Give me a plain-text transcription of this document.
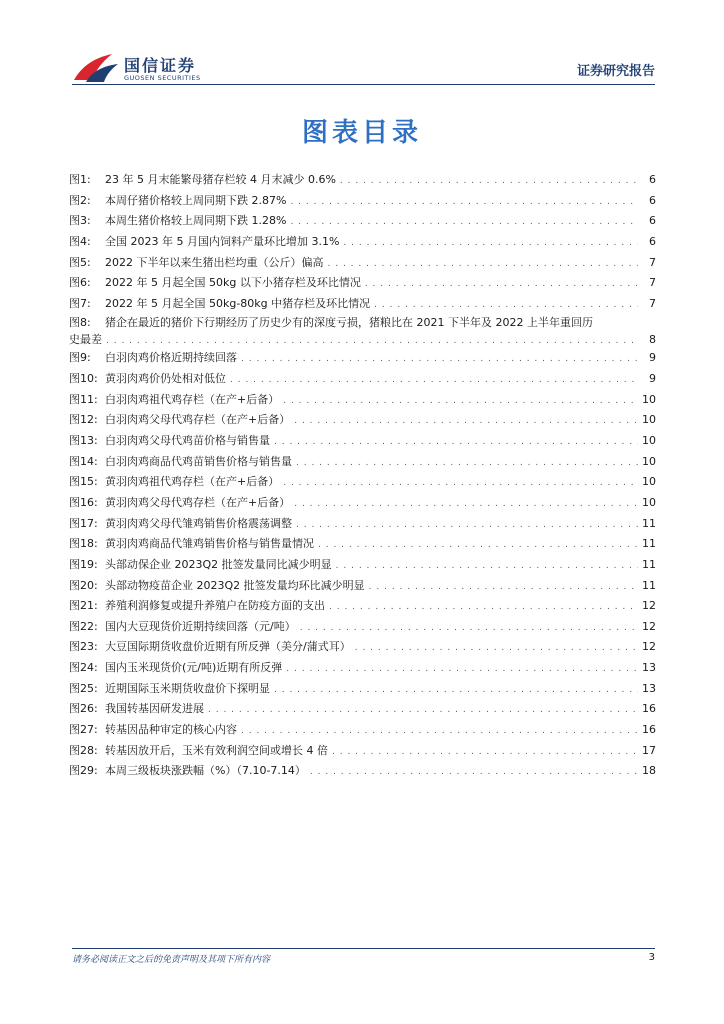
国信证券
GUOSEN SECURITIES	证券研究报告
图表目录
图1: 23 年 5 月末能繁母猪存栏较 4 月末减少 0.6% . . .	6
图2: 本周仔猪价格较上周同期下跌 2.87% . . .	6
图3: 本周生猪价格较上周同期下跌 1.28% . . .	6
图4: 全国 2023 年 5 月国内饲料产量环比增加 3.1% . . .	6
图5: 2022 下半年以来生猪出栏均重（公斤）偏高 . . .	7
图6: 2022 年 5 月起全国 50kg 以下小猪存栏及环比情况 . . .	7
图7: 2022 年 5 月起全国 50kg-80kg 中猪存栏及环比情况 . . .	7
图8: 猪企在最近的猪价下行期经历了历史少有的深度亏损，猪粮比在 2021 下半年及 2022 上半年重回历
史最差 . . .	8
图9: 白羽肉鸡价格近期持续回落 . . .	9
图10: 黄羽肉鸡价仍处相对低位 . . .	9
图11: 白羽肉鸡祖代鸡存栏（在产+后备） . . .	10
图12: 白羽肉鸡父母代鸡存栏（在产+后备） . . .	10
图13: 白羽肉鸡父母代鸡苗价格与销售量 . . .	10
图14: 白羽肉鸡商品代鸡苗销售价格与销售量 . . .	10
图15: 黄羽肉鸡祖代鸡存栏（在产+后备） . . .	10
图16: 黄羽肉鸡父母代鸡存栏（在产+后备） . . .	10
图17: 黄羽肉鸡父母代雏鸡销售价格震荡调整 . . .	11
图18: 黄羽肉鸡商品代雏鸡销售价格与销售量情况 . . .	11
图19: 头部动保企业 2023Q2 批签发量同比减少明显 . . .	11
图20: 头部动物疫苗企业 2023Q2 批签发量均环比减少明显 . . .	11
图21: 养殖利润修复或提升养殖户在防疫方面的支出 . . .	12
图22: 国内大豆现货价近期持续回落（元/吨） . . .	12
图23: 大豆国际期货收盘价近期有所反弹（美分/蒲式耳） . . .	12
图24: 国内玉米现货价(元/吨)近期有所反弹 . . .	13
图25: 近期国际玉米期货收盘价下探明显 . . .	13
图26: 我国转基因研发进展 . . .	16
图27: 转基因品种审定的核心内容 . . .	16
图28: 转基因放开后，玉米有效利润空间或增长 4 倍 . . .	17
图29: 本周三级板块涨跌幅（%）（7.10-7.14） . . .	18
请务必阅读正文之后的免责声明及其项下所有内容	3
